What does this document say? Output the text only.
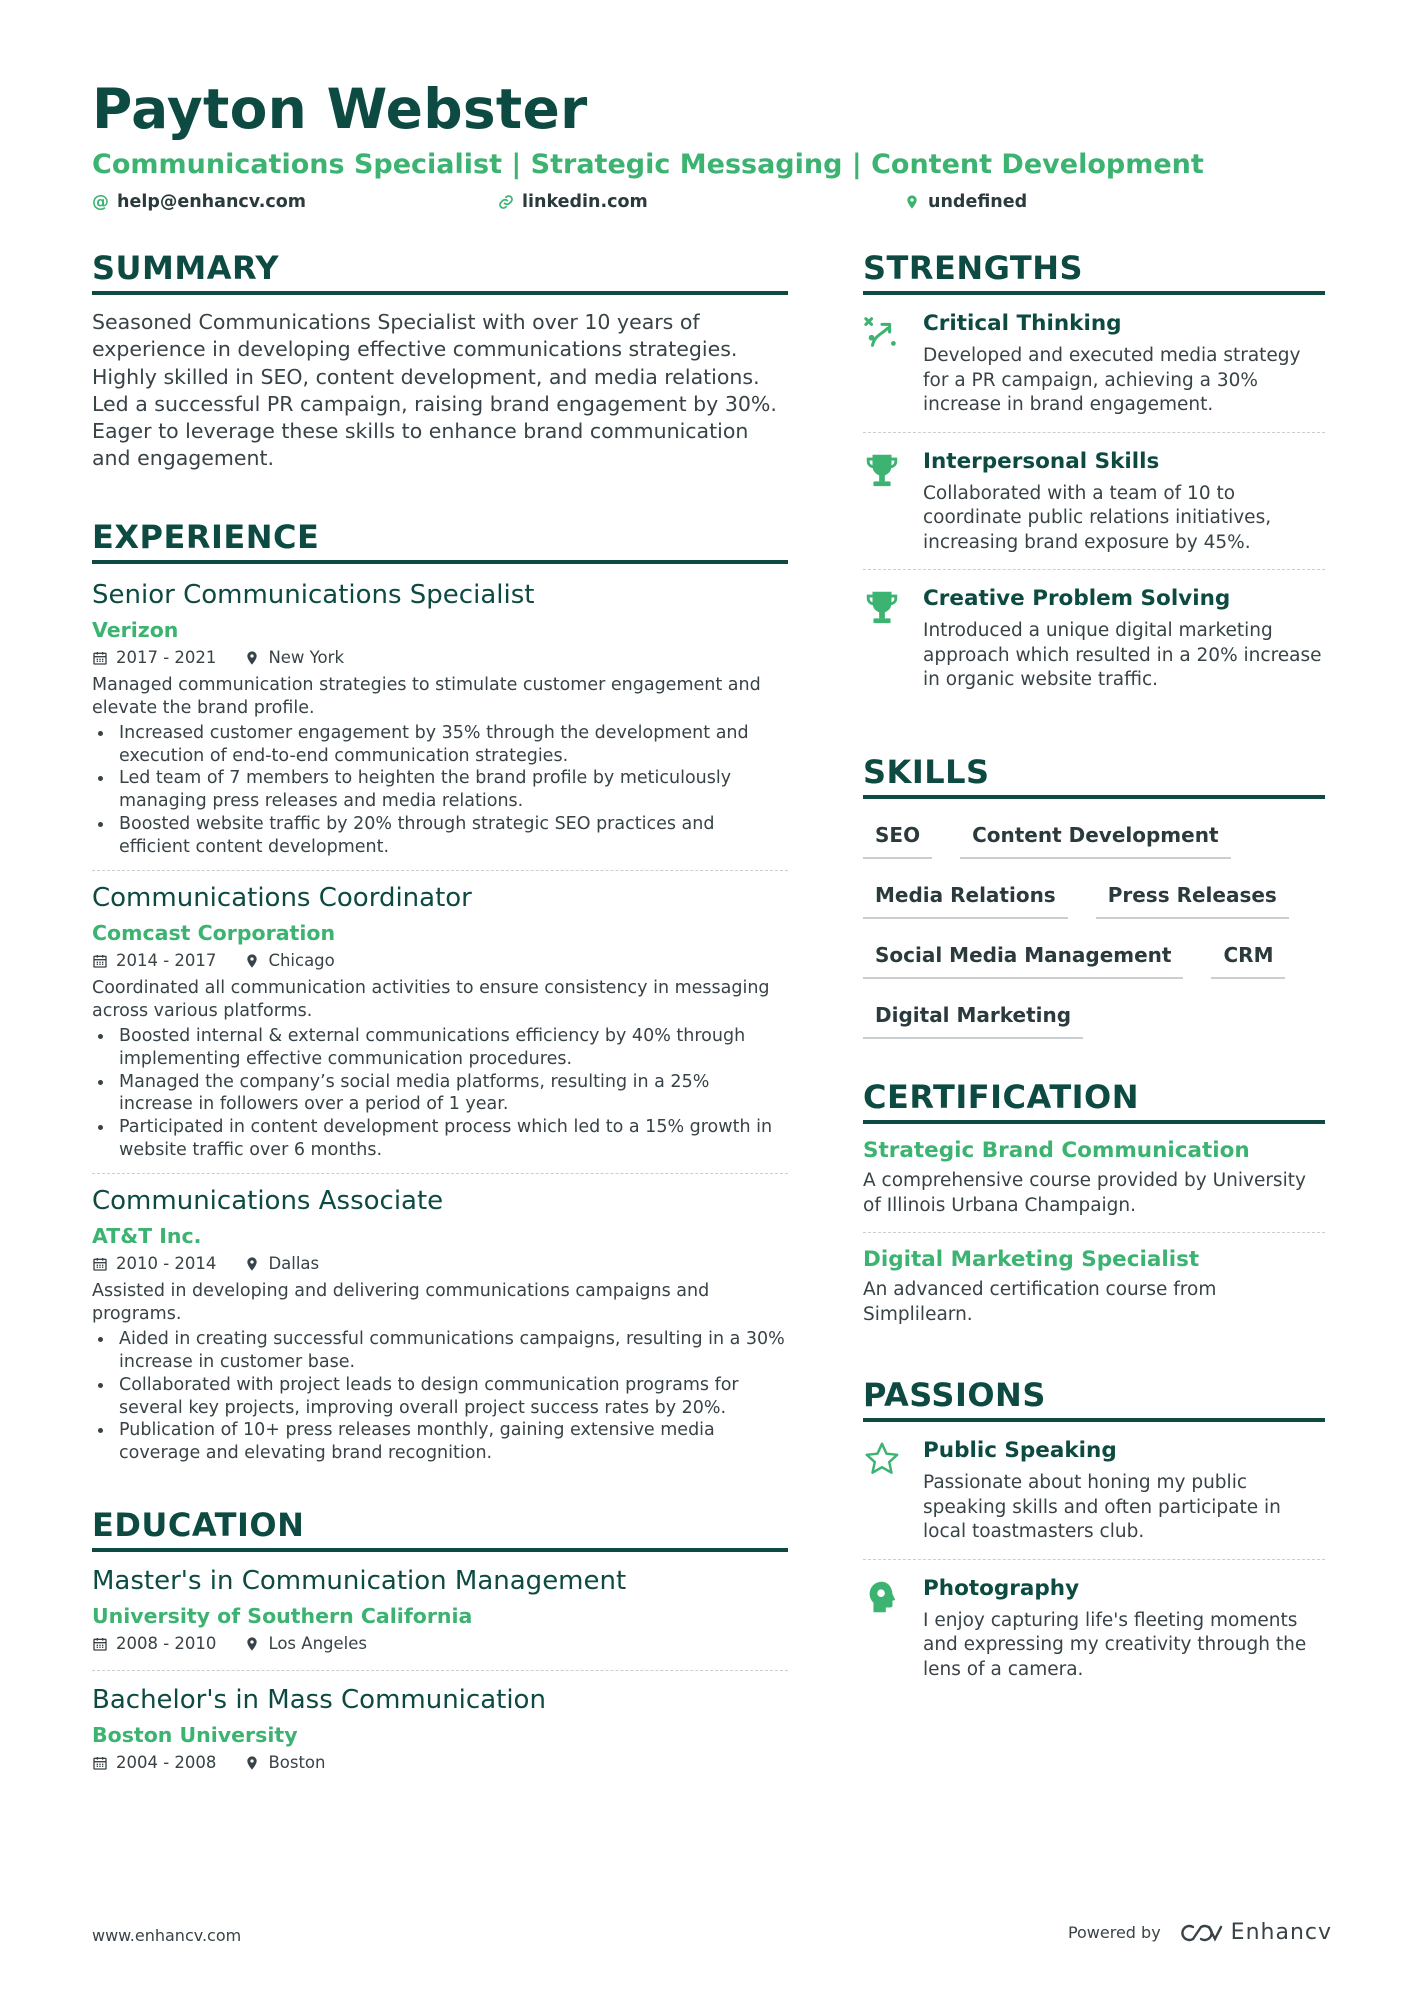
Payton Webster
Communications Specialist | Strategic Messaging | Content Development
@ help@enhancv.com	linkedin.com	undefined
SUMMARY
Seasoned Communications Specialist with over 10 years of experience in developing effective communications strategies. Highly skilled in SEO, content development, and media relations. Led a successful PR campaign, raising brand engagement by 30%. Eager to leverage these skills to enhance brand communication and engagement.
EXPERIENCE
Senior Communications Specialist
Verizon
2017 - 2021	New York
Managed communication strategies to stimulate customer engagement and elevate the brand profile.
Increased customer engagement by 35% through the development and execution of end-to-end communication strategies.
Led team of 7 members to heighten the brand profile by meticulously managing press releases and media relations.
Boosted website traffic by 20% through strategic SEO practices and efficient content development.
Communications Coordinator
Comcast Corporation
2014 - 2017	Chicago
Coordinated all communication activities to ensure consistency in messaging across various platforms.
Boosted internal & external communications efficiency by 40% through implementing effective communication procedures.
Managed the company’s social media platforms, resulting in a 25% increase in followers over a period of 1 year.
Participated in content development process which led to a 15% growth in website traffic over 6 months.
Communications Associate
AT&T Inc.
2010 - 2014	Dallas
Assisted in developing and delivering communications campaigns and programs.
Aided in creating successful communications campaigns, resulting in a 30% increase in customer base.
Collaborated with project leads to design communication programs for several key projects, improving overall project success rates by 20%.
Publication of 10+ press releases monthly, gaining extensive media coverage and elevating brand recognition.
EDUCATION
Master's in Communication Management
University of Southern California
2008 - 2010	Los Angeles
Bachelor's in Mass Communication
Boston University
2004 - 2008	Boston
STRENGTHS
Critical Thinking
Developed and executed media strategy for a PR campaign, achieving a 30% increase in brand engagement.
Interpersonal Skills
Collaborated with a team of 10 to coordinate public relations initiatives, increasing brand exposure by 45%.
Creative Problem Solving
Introduced a unique digital marketing approach which resulted in a 20% increase in organic website traffic.
SKILLS
SEO	Content Development
Media Relations	Press Releases
Social Media Management	CRM
Digital Marketing
CERTIFICATION
Strategic Brand Communication
A comprehensive course provided by University of Illinois Urbana Champaign.
Digital Marketing Specialist
An advanced certification course from Simplilearn.
PASSIONS
Public Speaking
Passionate about honing my public speaking skills and often participate in local toastmasters club.
Photography
I enjoy capturing life's fleeting moments and expressing my creativity through the lens of a camera.
www.enhancv.com	Powered by	Enhancv
